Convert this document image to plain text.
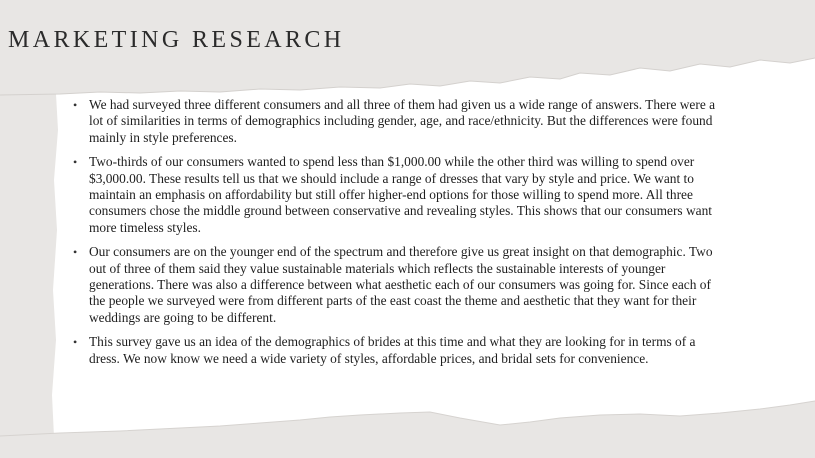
MARKETING RESEARCH
• We had surveyed three different consumers and all three of them had given us a wide range of answers. There were a lot of similarities in terms of demographics including gender, age, and race/ethnicity. But the differences were found mainly in style preferences.
• Two-thirds of our consumers wanted to spend less than $1,000.00 while the other third was willing to spend over $3,000.00. These results tell us that we should include a range of dresses that vary by style and price. We want to maintain an emphasis on affordability but still offer higher-end options for those willing to spend more. All three consumers chose the middle ground between conservative and revealing styles. This shows that our consumers want more timeless styles.
• Our consumers are on the younger end of the spectrum and therefore give us great insight on that demographic. Two out of three of them said they value sustainable materials which reflects the sustainable interests of younger generations. There was also a difference between what aesthetic each of our consumers was going for. Since each of the people we surveyed were from different parts of the east coast the theme and aesthetic that they want for their weddings are going to be different.
• This survey gave us an idea of the demographics of brides at this time and what they are looking for in terms of a dress. We now know we need a wide variety of styles, affordable prices, and bridal sets for convenience.
